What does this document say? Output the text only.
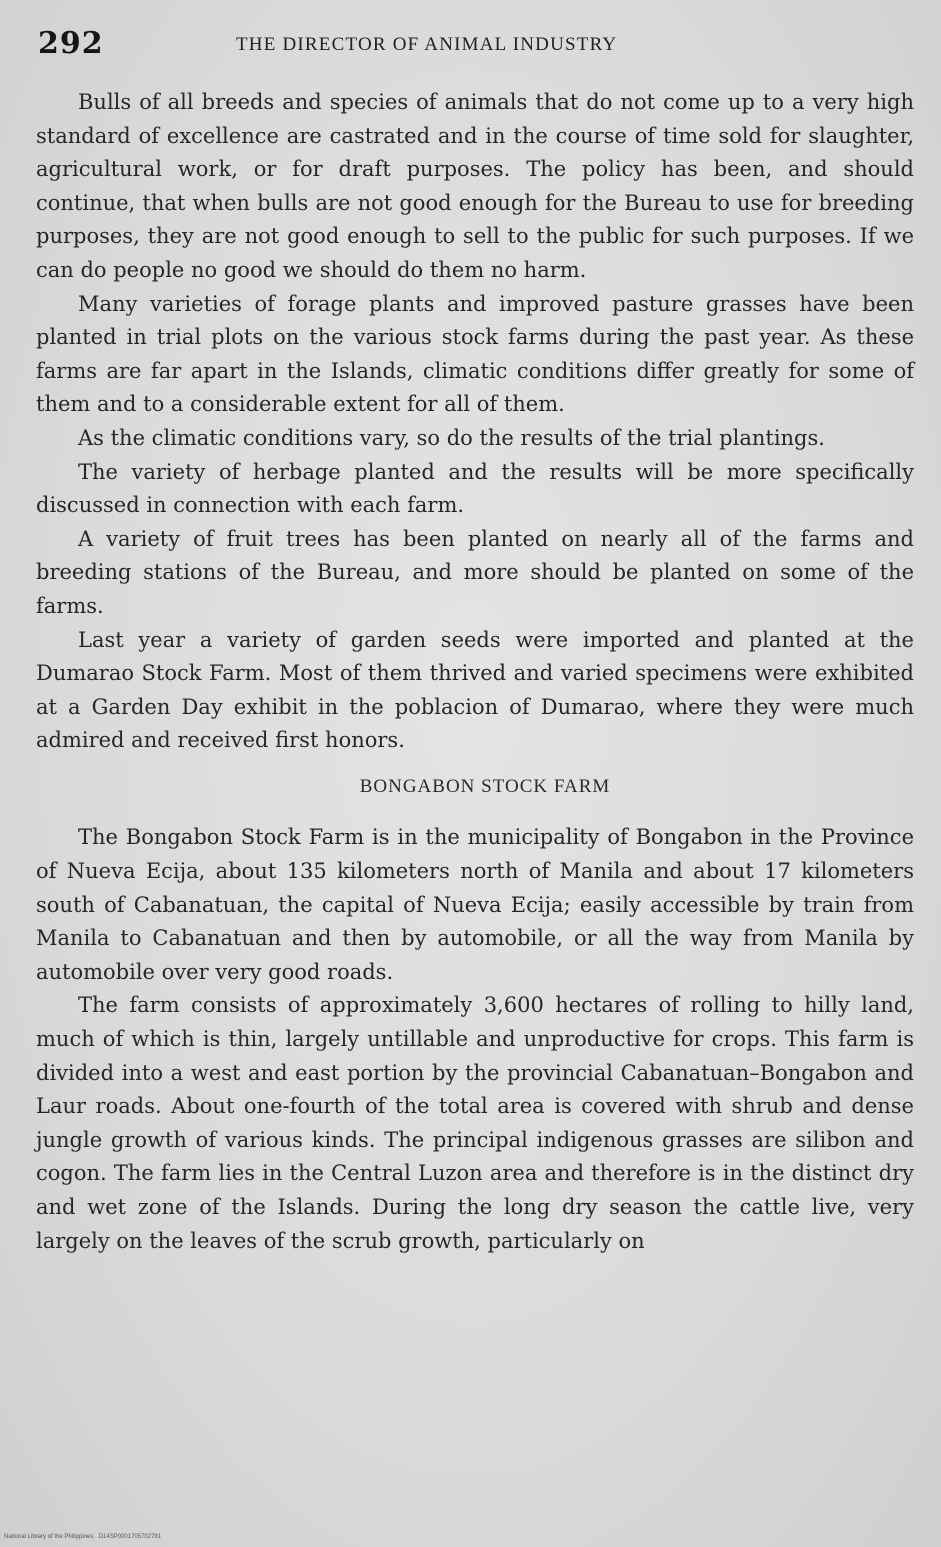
292	THE DIRECTOR OF ANIMAL INDUSTRY

Bulls of all breeds and species of animals that do not come up to a very high standard of excellence are castrated and in the course of time sold for slaughter, agricultural work, or for draft purposes. The policy has been, and should continue, that when bulls are not good enough for the Bureau to use for breeding purposes, they are not good enough to sell to the public for such purposes. If we can do people no good we should do them no harm.

Many varieties of forage plants and improved pasture grasses have been planted in trial plots on the various stock farms during the past year. As these farms are far apart in the Islands, climatic conditions differ greatly for some of them and to a considerable extent for all of them.

As the climatic conditions vary, so do the results of the trial plantings.

The variety of herbage planted and the results will be more specifically discussed in connection with each farm.

A variety of fruit trees has been planted on nearly all of the farms and breeding stations of the Bureau, and more should be planted on some of the farms.

Last year a variety of garden seeds were imported and planted at the Dumarao Stock Farm. Most of them thrived and varied specimens were exhibited at a Garden Day exhibit in the poblacion of Dumarao, where they were much admired and received first honors.

BONGABON STOCK FARM

The Bongabon Stock Farm is in the municipality of Bongabon in the Province of Nueva Ecija, about 135 kilometers north of Manila and about 17 kilometers south of Cabanatuan, the capital of Nueva Ecija; easily accessible by train from Manila to Cabanatuan and then by automobile, or all the way from Manila by automobile over very good roads.

The farm consists of approximately 3,600 hectares of rolling to hilly land, much of which is thin, largely untillable and unproductive for crops. This farm is divided into a west and east portion by the provincial Cabanatuan–Bongabon and Laur roads. About one-fourth of the total area is covered with shrub and dense jungle growth of various kinds. The principal indigenous grasses are silibon and cogon. The farm lies in the Central Luzon area and therefore is in the distinct dry and wet zone of the Islands. During the long dry season the cattle live, very largely on the leaves of the scrub growth, particularly on

National Library of the Philippines · D14SP0001705702781
